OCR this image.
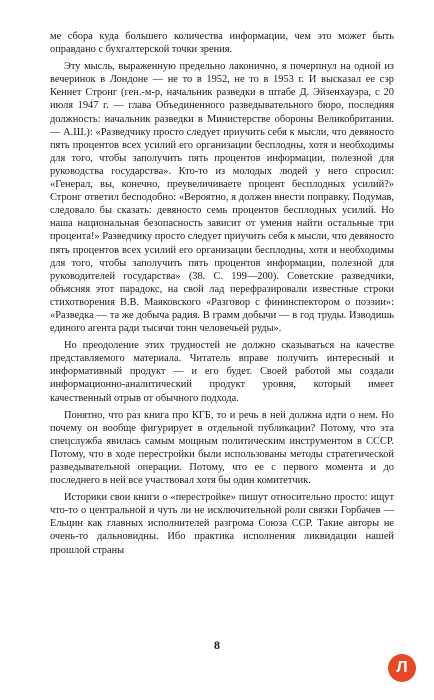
ме сбора куда большего количества информации, чем это может быть оправдано с бухгалтерской точки зрения.

Эту мысль, выраженную предельно лаконично, я почерпнул на одной из вечеринок в Лондоне — не то в 1952, не то в 1953 г. И высказал ее сэр Кеннет Стронг (ген.-м-р, начальник разведки в штабе Д. Эйзенхауэра, с 20 июля 1947 г. — глава Объединенного разведывательного бюро, последняя должность: начальник разведки в Министерстве обороны Великобритании. — А.Ш.): «Разведчику просто следует приучить себя к мысли, что девяносто пять процентов всех усилий его организации бесплодны, хотя и необходимы для того, чтобы заполучить пять процентов информации, полезной для руководства государства». Кто-то из молодых людей у него спросил: «Генерал, вы, конечно, преувеличиваете процент бесплодных усилий?» Стронг ответил бесподобно: «Вероятно, я должен внести поправку. Подумав, следовало бы сказать: девяносто семь процентов бесплодных усилий. Но наша национальная безопасность зависит от умения найти остальные три процента!» Разведчику просто следует приучить себя к мысли, что девяносто пять процентов всех усилий его организации бесплодны, хотя и необходимы для того, чтобы заполучить пять процентов информации, полезной для руководителей государства» (38. С. 199—200). Советские разведчики, объясняя этот парадокс, на свой лад перефразировали известные строки стихотворения В.В. Маяковского «Разговор с фининспектором о поэзии»: «Разведка — та же добыча радия. В грамм добычи — в год труды. Изводишь единого агента ради тысячи тонн человечьей руды».

Но преодоление этих трудностей не должно сказываться на качестве представляемого материала. Читатель вправе получить интересный и информативный продукт — и его будет. Своей работой мы создали информационно-аналитический продукт уровня, который имеет качественный отрыв от обычного подхода.

Понятно, что раз книга про КГБ, то и речь в ней должна идти о нем. Но почему он вообще фигурирует в отдельной публикации? Потому, что эта спецслужба явилась самым мощным политическим инструментом в СССР. Потому, что в ходе перестройки были использованы методы стратегической разведывательной операции. Потому, что ее с первого момента и до последнего в ней все участвовал хотя бы один комитетчик.

Историки свои книги о «перестройке» пишут относительно просто: ищут что-то о центральной и чуть ли не исключительной роли связки Горбачев — Ельцин как главных исполнителей разгрома Союза ССР. Такие авторы не очень-то дальновидны. Ибо практика исполнения ликвидации нашей прошлой страны

8
Л
